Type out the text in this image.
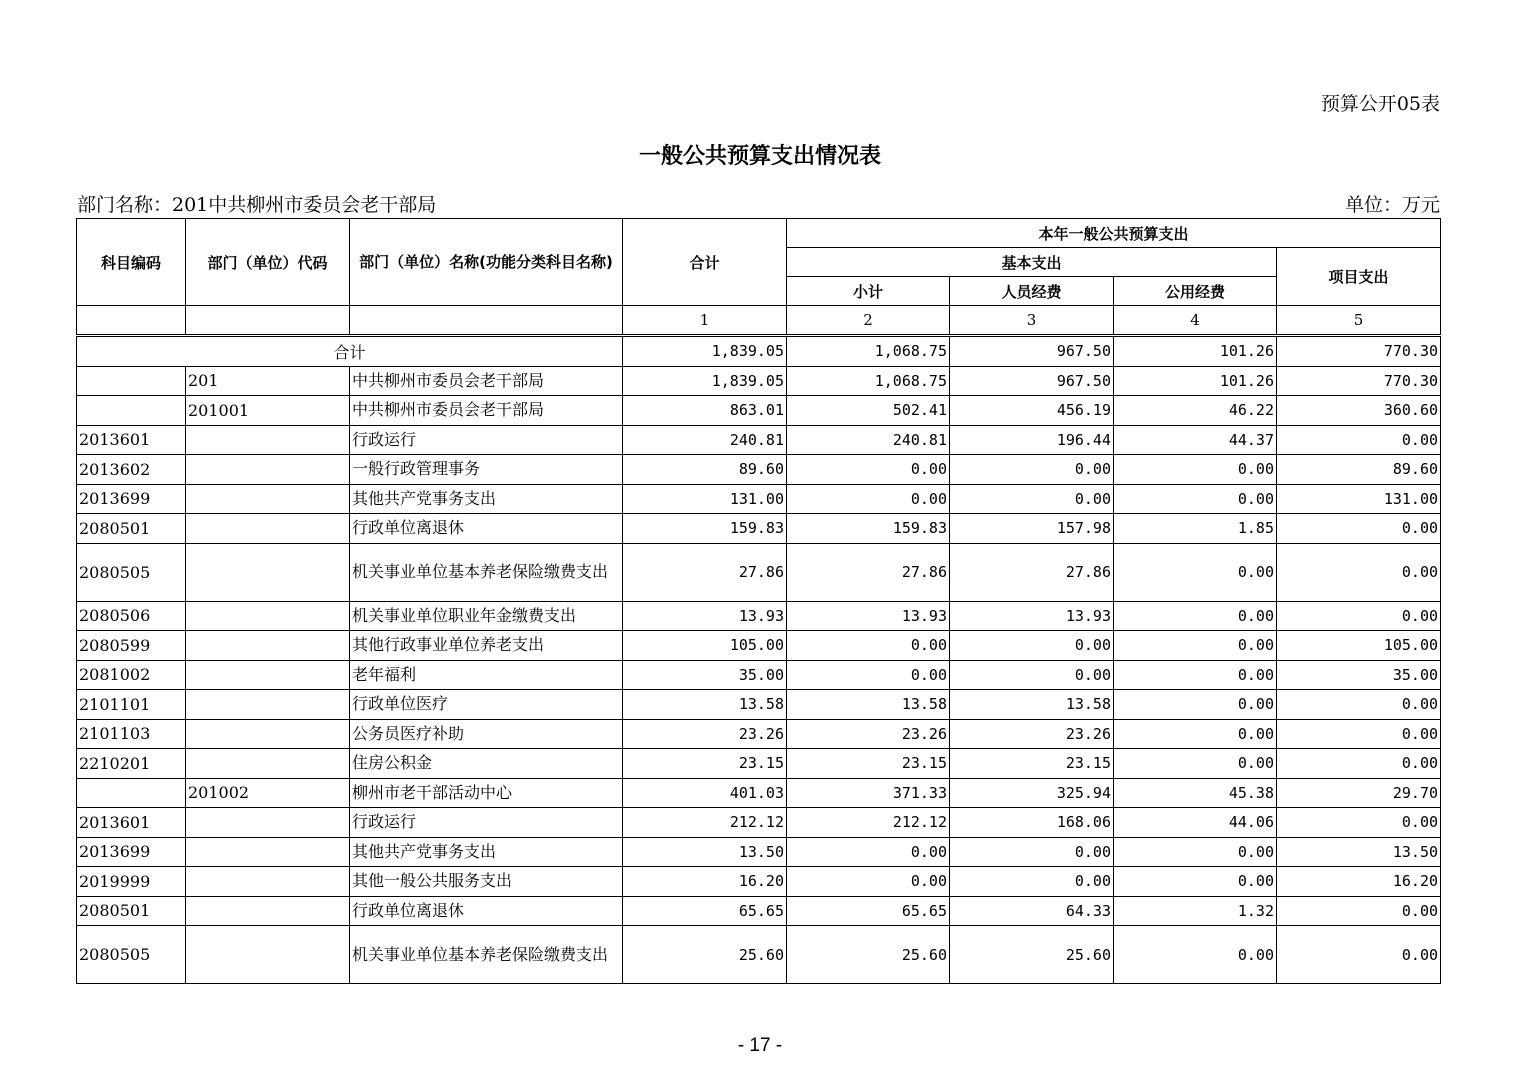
预算公开05表
一般公共预算支出情况表
部门名称：201中共柳州市委员会老干部局	单位：万元
科目编码	部门（单位）代码	部门（单位）名称(功能分类科目名称)	合计	本年一般公共预算支出			
				基本支出			项目支出
				小计	人员经费	公用经费	
			1	2	3	4	5
合计			1,839.05	1,068.75	967.50	101.26	770.30
	201	中共柳州市委员会老干部局	1,839.05	1,068.75	967.50	101.26	770.30
	201001	中共柳州市委员会老干部局	863.01	502.41	456.19	46.22	360.60
2013601		行政运行	240.81	240.81	196.44	44.37	0.00
2013602		一般行政管理事务	89.60	0.00	0.00	0.00	89.60
2013699		其他共产党事务支出	131.00	0.00	0.00	0.00	131.00
2080501		行政单位离退休	159.83	159.83	157.98	1.85	0.00
2080505		机关事业单位基本养老保险缴费支出	27.86	27.86	27.86	0.00	0.00
2080506		机关事业单位职业年金缴费支出	13.93	13.93	13.93	0.00	0.00
2080599		其他行政事业单位养老支出	105.00	0.00	0.00	0.00	105.00
2081002		老年福利	35.00	0.00	0.00	0.00	35.00
2101101		行政单位医疗	13.58	13.58	13.58	0.00	0.00
2101103		公务员医疗补助	23.26	23.26	23.26	0.00	0.00
2210201		住房公积金	23.15	23.15	23.15	0.00	0.00
	201002	柳州市老干部活动中心	401.03	371.33	325.94	45.38	29.70
2013601		行政运行	212.12	212.12	168.06	44.06	0.00
2013699		其他共产党事务支出	13.50	0.00	0.00	0.00	13.50
2019999		其他一般公共服务支出	16.20	0.00	0.00	0.00	16.20
2080501		行政单位离退休	65.65	65.65	64.33	1.32	0.00
2080505		机关事业单位基本养老保险缴费支出	25.60	25.60	25.60	0.00	0.00
- 17 -
